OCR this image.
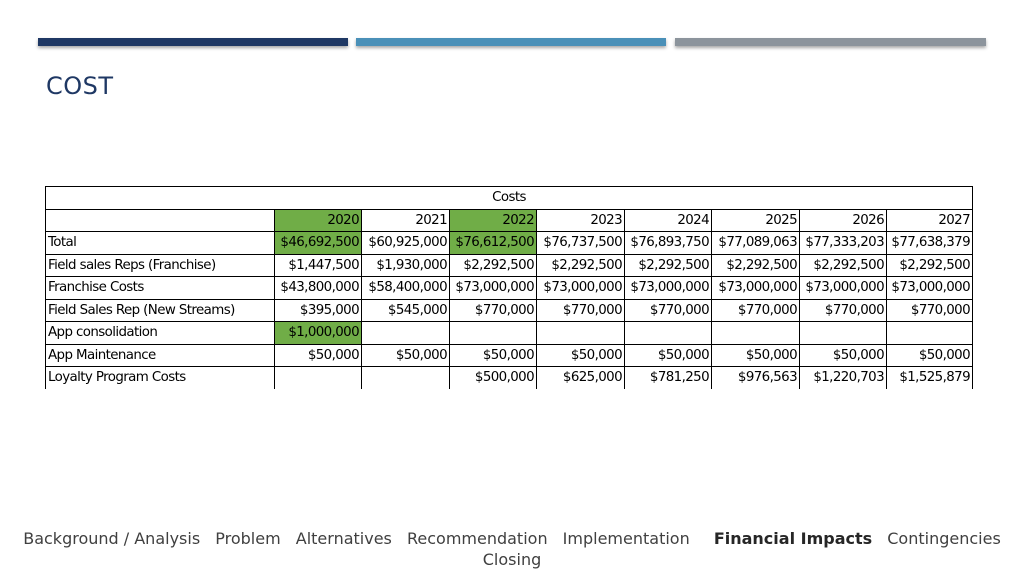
COST
Costs								
	2020	2021	2022	2023	2024	2025	2026	2027
Total	$46,692,500	$60,925,000	$76,612,500	$76,737,500	$76,893,750	$77,089,063	$77,333,203	$77,638,379
Field sales Reps (Franchise)	$1,447,500	$1,930,000	$2,292,500	$2,292,500	$2,292,500	$2,292,500	$2,292,500	$2,292,500
Franchise Costs	$43,800,000	$58,400,000	$73,000,000	$73,000,000	$73,000,000	$73,000,000	$73,000,000	$73,000,000
Field Sales Rep (New Streams)	$395,000	$545,000	$770,000	$770,000	$770,000	$770,000	$770,000	$770,000
App consolidation	$1,000,000							
App Maintenance	$50,000	$50,000	$50,000	$50,000	$50,000	$50,000	$50,000	$50,000
Loyalty Program Costs			$500,000	$625,000	$781,250	$976,563	$1,220,703	$1,525,879
Background / Analysis Problem Alternatives Recommendation Implementation Financial Impacts Contingencies
Closing
